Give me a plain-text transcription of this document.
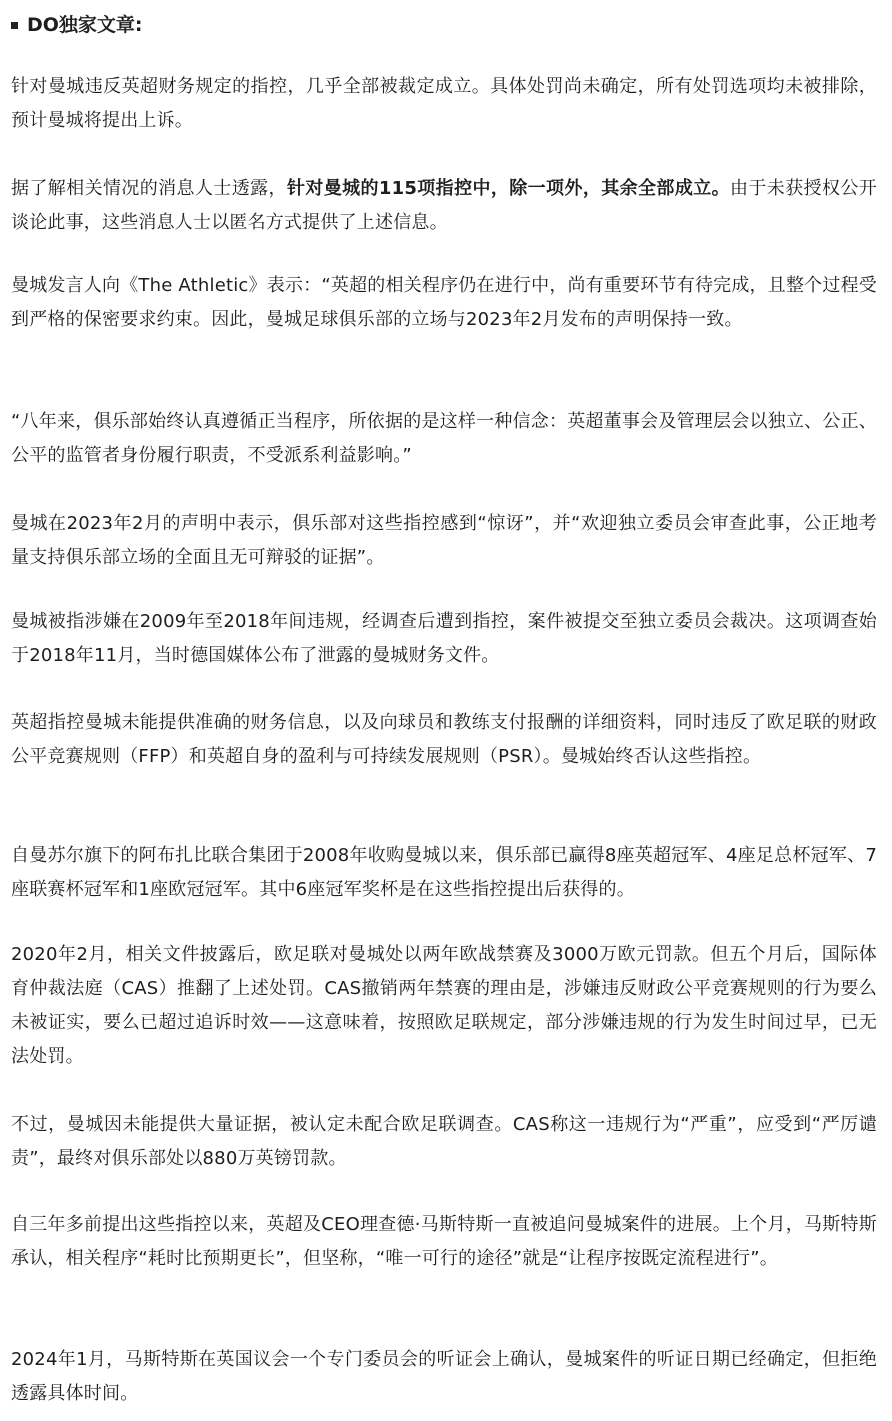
DO独家文章:

针对曼城违反英超财务规定的指控，几乎全部被裁定成立。具体处罚尚未确定，所有处罚选项均未被排除，预计曼城将提出上诉。

据了解相关情况的消息人士透露，针对曼城的115项指控中，除一项外，其余全部成立。由于未获授权公开谈论此事，这些消息人士以匿名方式提供了上述信息。

曼城发言人向《The Athletic》表示：“英超的相关程序仍在进行中，尚有重要环节有待完成，且整个过程受到严格的保密要求约束。因此，曼城足球俱乐部的立场与2023年2月发布的声明保持一致。

“八年来，俱乐部始终认真遵循正当程序，所依据的是这样一种信念：英超董事会及管理层会以独立、公正、公平的监管者身份履行职责，不受派系利益影响。”

曼城在2023年2月的声明中表示，俱乐部对这些指控感到“惊讶”，并“欢迎独立委员会审查此事，公正地考量支持俱乐部立场的全面且无可辩驳的证据”。

曼城被指涉嫌在2009年至2018年间违规，经调查后遭到指控，案件被提交至独立委员会裁决。这项调查始于2018年11月，当时德国媒体公布了泄露的曼城财务文件。

英超指控曼城未能提供准确的财务信息，以及向球员和教练支付报酬的详细资料，同时违反了欧足联的财政公平竞赛规则（FFP）和英超自身的盈利与可持续发展规则（PSR）。曼城始终否认这些指控。

自曼苏尔旗下的阿布扎比联合集团于2008年收购曼城以来，俱乐部已赢得8座英超冠军、4座足总杯冠军、7座联赛杯冠军和1座欧冠冠军。其中6座冠军奖杯是在这些指控提出后获得的。

2020年2月，相关文件披露后，欧足联对曼城处以两年欧战禁赛及3000万欧元罚款。但五个月后，国际体育仲裁法庭（CAS）推翻了上述处罚。CAS撤销两年禁赛的理由是，涉嫌违反财政公平竞赛规则的行为要么未被证实，要么已超过追诉时效——这意味着，按照欧足联规定，部分涉嫌违规的行为发生时间过早，已无法处罚。

不过，曼城因未能提供大量证据，被认定未配合欧足联调查。CAS称这一违规行为“严重”，应受到“严厉谴责”，最终对俱乐部处以880万英镑罚款。

自三年多前提出这些指控以来，英超及CEO理查德·马斯特斯一直被追问曼城案件的进展。上个月，马斯特斯承认，相关程序“耗时比预期更长”，但坚称，“唯一可行的途径”就是“让程序按既定流程进行”。

2024年1月，马斯特斯在英国议会一个专门委员会的听证会上确认，曼城案件的听证日期已经确定，但拒绝透露具体时间。
